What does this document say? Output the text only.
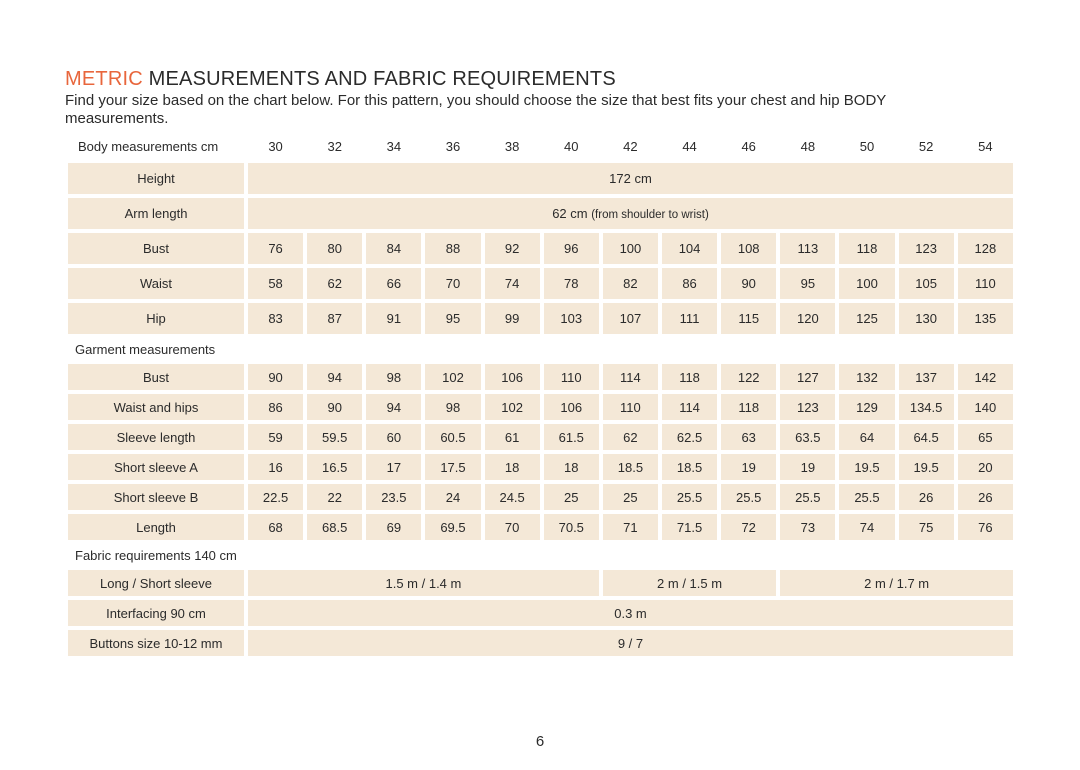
METRIC MEASUREMENTS AND FABRIC REQUIREMENTS

Find your size based on the chart below. For this pattern, you should choose the size that best fits your chest and hip BODY measurements.

Body measurements cm	30	32	34	36	38	40	42	44	46	48	50	52	54
Height	172 cm												
Arm length	62 cm (from shoulder to wrist)												
Bust	76	80	84	88	92	96	100	104	108	113	118	123	128
Waist	58	62	66	70	74	78	82	86	90	95	100	105	110
Hip	83	87	91	95	99	103	107	111	115	120	125	130	135
Garment measurements													
Bust	90	94	98	102	106	110	114	118	122	127	132	137	142
Waist and hips	86	90	94	98	102	106	110	114	118	123	129	134.5	140
Sleeve length	59	59.5	60	60.5	61	61.5	62	62.5	63	63.5	64	64.5	65
Short sleeve A	16	16.5	17	17.5	18	18	18.5	18.5	19	19	19.5	19.5	20
Short sleeve B	22.5	22	23.5	24	24.5	25	25	25.5	25.5	25.5	25.5	26	26
Length	68	68.5	69	69.5	70	70.5	71	71.5	72	73	74	75	76
Fabric requirements 140 cm													
Long / Short sleeve	1.5 m / 1.4 m						2 m / 1.5 m			2 m / 1.7 m			
Interfacing 90 cm	0.3 m												
Buttons size 10-12 mm	9 / 7												
6
